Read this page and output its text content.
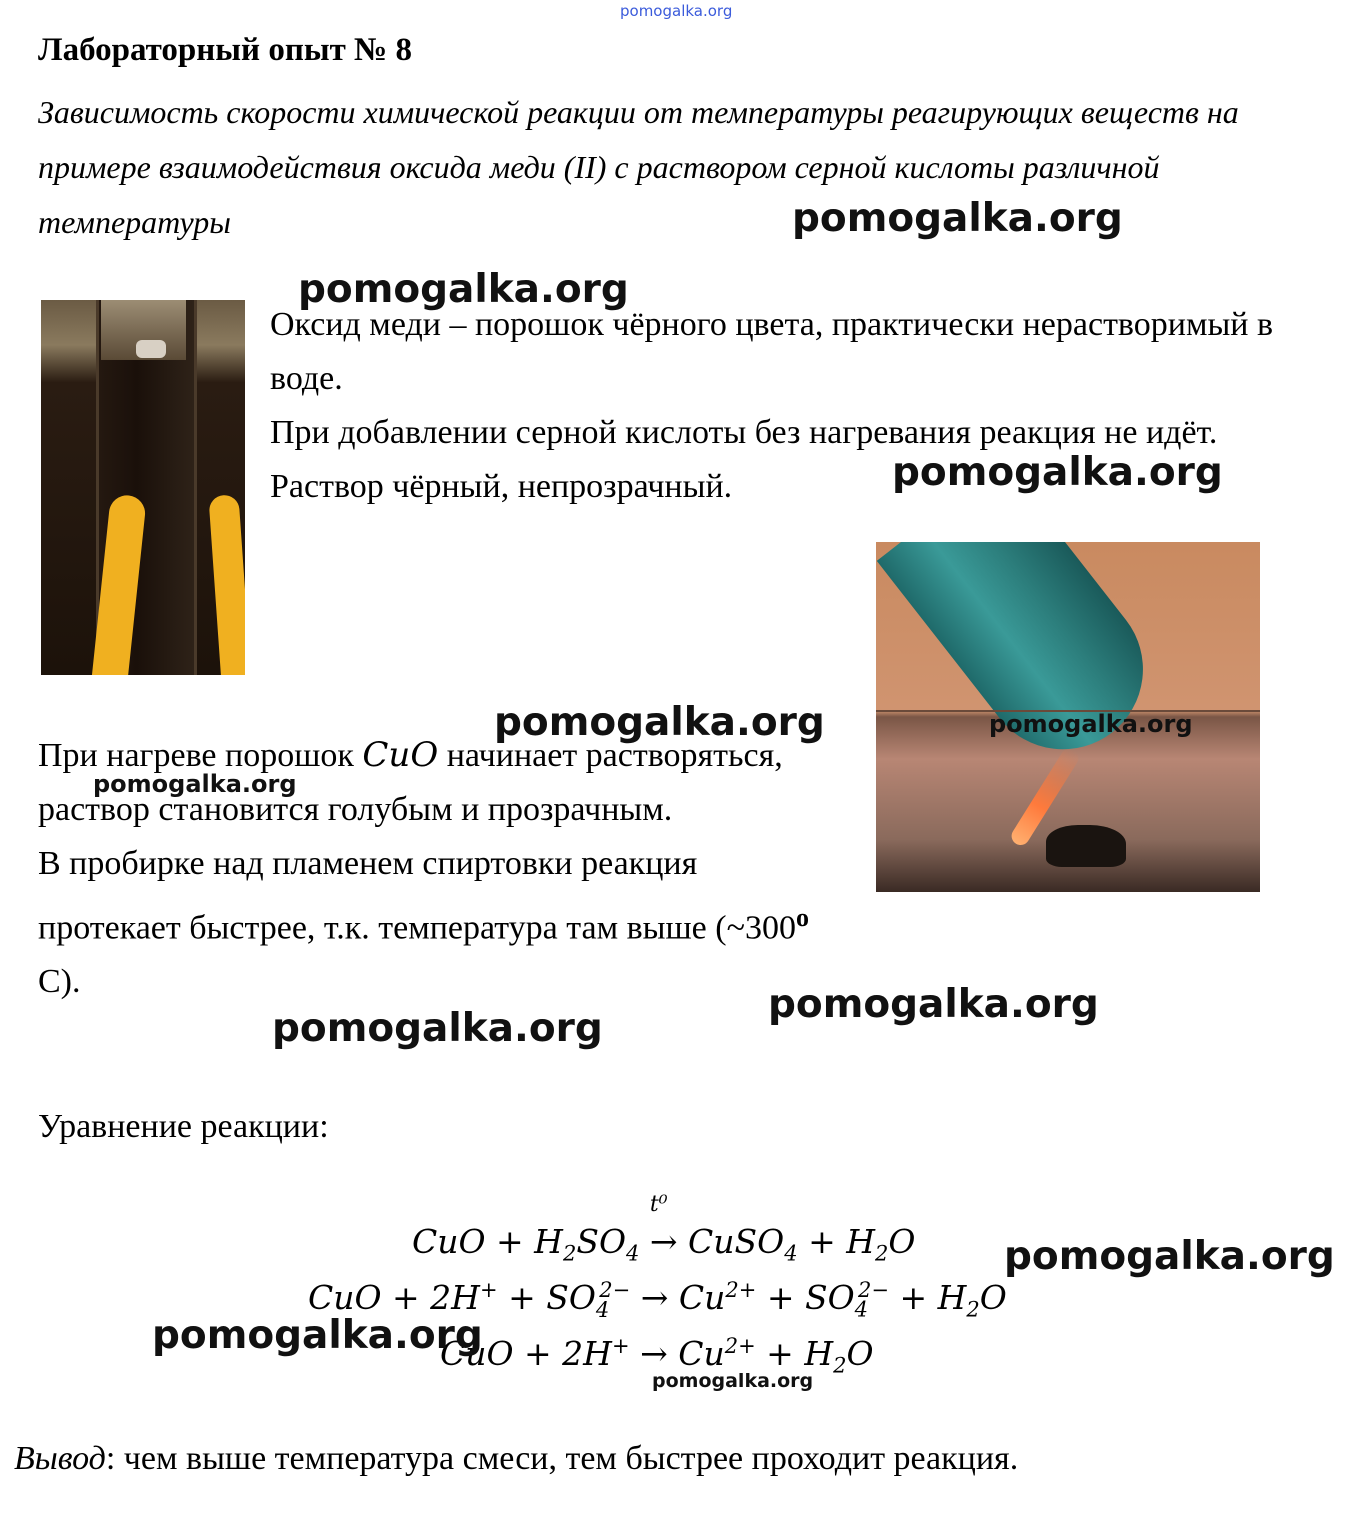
pomogalka.org
Лабораторный опыт № 8
Зависимость скорости химической реакции от температуры реагирующих веществ на примере взаимодействия оксида меди (II) с раствором серной кислоты различной температуры
Оксид меди – порошок чёрного цвета, практически нерастворимый в воде.
При добавлении серной кислоты без нагревания реакция не идёт. Раствор чёрный, непрозрачный.
При нагреве порошок CuO начинает растворяться, раствор становится голубым и прозрачным.
В пробирке над пламенем спиртовки реакция протекает быстрее, т.к. температура там выше (~300$^o$ С).
Уравнение реакции:
CuO + $H_2SO_4$
t⁰
→ CuSO$_4$ + $H_2O$
CuO + $2H^+ + SO_4^{2-} \to Cu^{2+} + SO_4^{2-} + H_2O$
CuO + $2H^+ \to Cu^{2+} + H_2O$
Вывод: чем выше температура смеси, тем быстрее проходит реакция.
pomogalka.org
pomogalka.org
pomogalka.org
pomogalka.org	pomogalka.org
pomogalka.org
pomogalka.org
pomogalka.org
pomogalka.org
pomogalka.org
pomogalka.org
